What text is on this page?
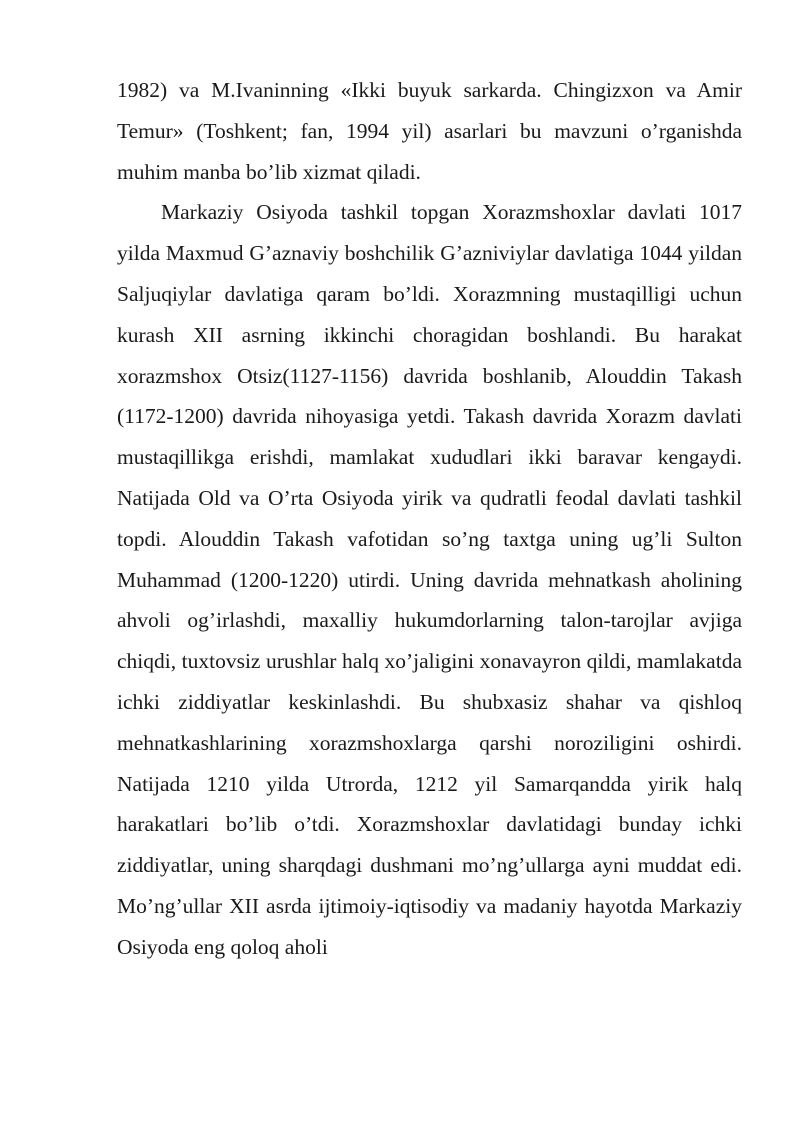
1982) va M.Ivaninning «Ikki buyuk sarkarda. Chingizxon va Amir Temur» (Toshkent; fan, 1994 yil) asarlari bu mavzuni o’rganishda muhim manba bo’lib xizmat qiladi.

Markaziy Osiyoda tashkil topgan Xorazmshoxlar davlati 1017 yilda Maxmud G’aznaviy boshchilik G’azniviylar davlatiga 1044 yildan Saljuqiylar davlatiga qaram bo’ldi. Xorazmning mustaqilligi uchun kurash XII asrning ikkinchi choragidan boshlandi. Bu harakat xorazmshox Otsiz(1127-1156) davrida boshlanib, Alouddin Takash (1172-1200) davrida nihoyasiga yetdi. Takash davrida Xorazm davlati mustaqillikga erishdi, mamlakat xududlari ikki baravar kengaydi. Natijada Old va O’rta Osiyoda yirik va qudratli feodal davlati tashkil topdi. Alouddin Takash vafotidan so’ng taxtga uning ug’li Sulton Muhammad (1200-1220) utirdi. Uning davrida mehnatkash aholining ahvoli og’irlashdi, maxalliy hukumdorlarning talon-tarojlar avjiga chiqdi, tuxtovsiz urushlar halq xo’jaligini xonavayron qildi, mamlakatda ichki ziddiyatlar keskinlashdi. Bu shubxasiz shahar va qishloq mehnatkashlarining xorazmshoxlarga qarshi noroziligini oshirdi. Natijada 1210 yilda Utrorda, 1212 yil Samarqandda yirik halq harakatlari bo’lib o’tdi. Xorazmshoxlar davlatidagi bunday ichki ziddiyatlar, uning sharqdagi dushmani mo’ng’ullarga ayni muddat edi. Mo’ng’ullar XII asrda ijtimoiy-iqtisodiy va madaniy hayotda Markaziy Osiyoda eng qoloq aholi
